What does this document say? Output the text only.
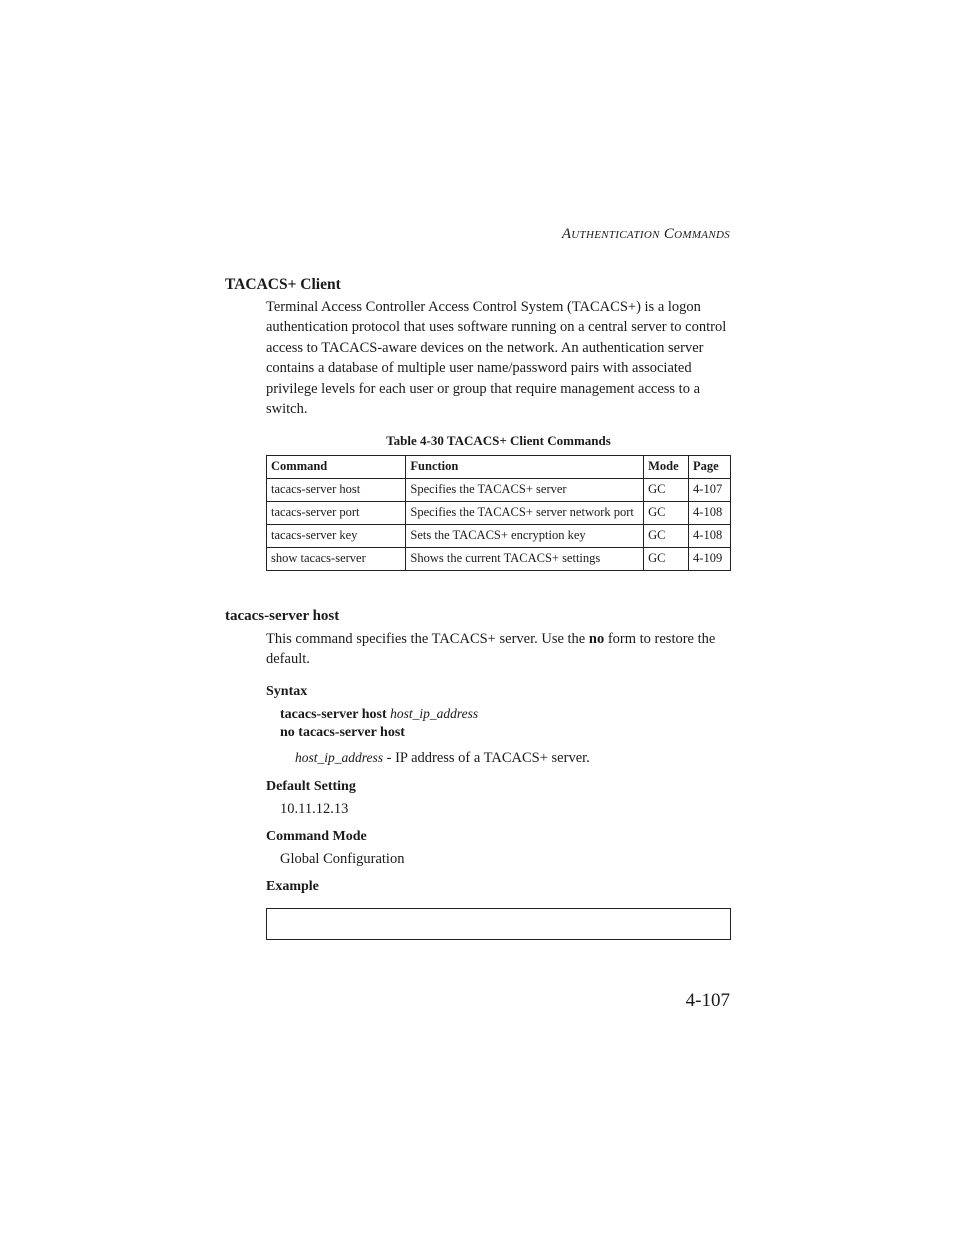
AUTHENTICATION COMMANDS
TACACS+ Client

Terminal Access Controller Access Control System (TACACS+) is a logon authentication protocol that uses software running on a central server to control access to TACACS-aware devices on the network. An authentication server contains a database of multiple user name/password pairs with associated privilege levels for each user or group that require management access to a switch.

Table 4-30 TACACS+ Client Commands
Command	Function	Mode	Page
tacacs-server host	Specifies the TACACS+ server	GC	4-107
tacacs-server port	Specifies the TACACS+ server network port	GC	4-108
tacacs-server key	Sets the TACACS+ encryption key	GC	4-108
show tacacs-server	Shows the current TACACS+ settings	GC	4-109
tacacs-server host

This command specifies the TACACS+ server. Use the no form to restore the default.

Syntax
tacacs-server host host_ip_address
no tacacs-server host
host_ip_address - IP address of a TACACS+ server.
Default Setting
10.11.12.13
Command Mode
Global Configuration
Example
4-107
